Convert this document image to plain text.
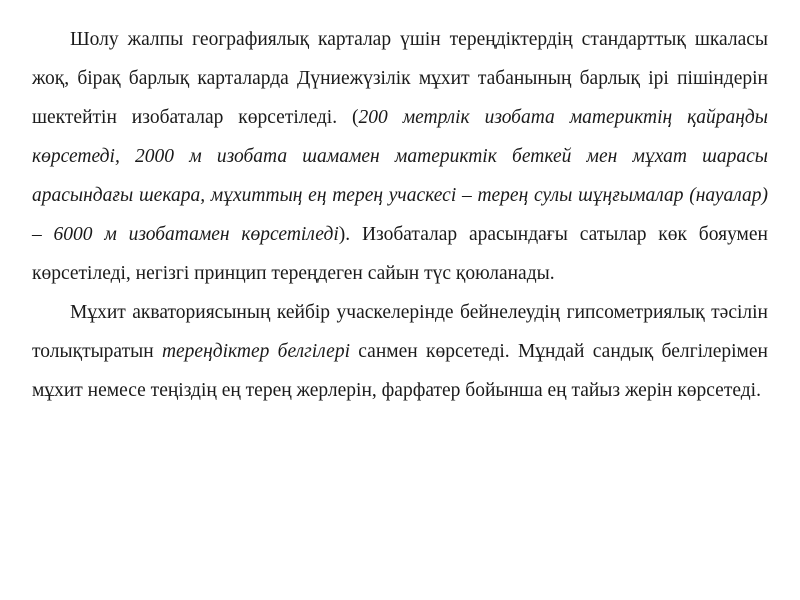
Шолу жалпы географиялық карталар үшін тереңдіктердің стандарттық шкаласы жоқ, бірақ барлық карталарда Дүниежүзілік мұхит табанының барлық ірі пішіндерін шектейтін изобаталар көрсетіледі. (200 метрлік изобата материктің қайраңды көрсетеді, 2000 м изобата шамамен материктік беткей мен мұхат шарасы арасындағы шекара, мұхиттың ең терең учаскесі – терең сулы шұңғымалар (науалар) – 6000 м изобатамен көрсетіледі). Изобаталар арасындағы сатылар көк бояумен көрсетіледі, негізгі принцип тереңдеген сайын түс қоюланады.

Мұхит акваториясының кейбір учаскелерінде бейнелеудің гипсометриялық тәсілін толықтыратын тереңдіктер белгілері санмен көрсетеді. Мұндай сандық белгілерімен мұхит немесе теңіздің ең терең жерлерін, фарфатер бойынша ең тайыз жерін көрсетеді.
